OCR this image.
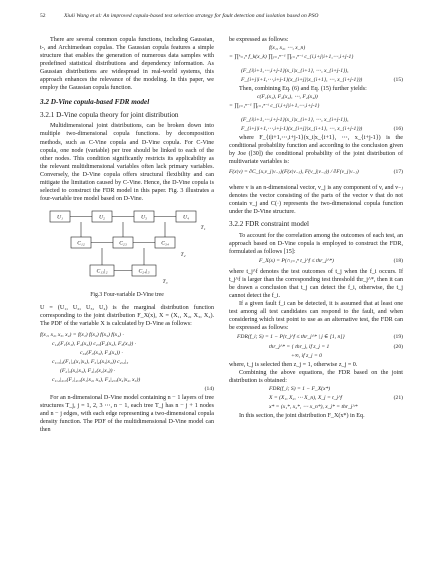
52	Xiuli Wang et al: An improved copula-based test selection strategy for fault detection and isolation based on PSO

There are several common copula functions, including Gaussian, t-, and Archimedean copulas. The Gaussian copula features a simple structure that enables the generation of numerous data samples with predefined statistical distributions and dependency information. As Gaussian distributions are widespread in real-world systems, this approach enhances the relevance of the modeling. In this paper, we employ the Gaussian copula function.

3.2 D-Vine copula-based FDR model
3.2.1 D-Vine copula theory for joint distribution

Multidimensional joint distributions, can be broken down into multiple two-dimensional copula functions. by decomposition methods, such as C-Vine copula and D-Vine copula. For C-Vine copula, one node (variable) per tree should be linked to each of the other nodes. This condition significantly restricts its applicability as the relevant multidimensional variables often lack primary variables. Conversely, the D-Vine copula offers structural flexibility and can mitigate the limitation caused by C-Vine. Hence, the D-Vine copula is selected to construct the FDR model in this paper. Fig. 3 illustrates a four-variable tree model based on D-Vine.

U₁	U₂	U₃	U₄
C₁₂	C₂₃	C₃₄
C₁₃|₂	C₂₄|₃
T₁
T₂
T₃
Fig.3 Four-variable D-Vine tree

U = (U₁, U₂, U₃, U₄) is the marginal distribution function corresponding to the joint distribution F_X(x), X = (X₁, X₂, X₃, X₄). The PDF of the variable X is calculated by D-Vine as follows:

f(x₁, x₂, x₃, x₄) = f(x₁) f(x₂) f(x₃) f(x₄) ·
c₁₂(F₁(x₁), F₂(x₂)) c₂₃(F₂(x₂), F₃(x₃)) ·
c₃₄(F₃(x₃), F₄(x₄)) ·
c₁,₃|₂(F₁|₂(x₁|x₂), F₃|₂(x₃|x₂)) c₂,₄|₃
(F₂|₃(x₂|x₃), F₄|₃(x₄|x₃)) ·
c₁,₄|₂,₃(F₁|₂,₃(x₁|x₂, x₃), F₄|₂,₃(x₄|x₂, x₃))
(14)

For an n-dimensional D-Vine model containing n − 1 layers of tree structures T_j, j = 1, 2, 3 ⋯, n − 1, each tree T_j has n − j + 1 nodes and n − j edges, with each edge representing a two-dimensional copula density function. The PDF of the multidimensional D-Vine model can then

be expressed as follows:

f(x₁, x₂, ⋯, x_n)
= ∏ᵏ₌₁ⁿ f_k(x_k) ∏ⱼ₌₁ⁿ⁻¹ ∏ᵢ₌₁ⁿ⁻ʲ c_{i,i+j|i+1,⋯,i+j-1}
(F_{i|i+1,⋯,i+j-1}(x_i|x_{i+1}, ⋯, x_{i+j-1}),
F_{i+j|i+1,⋯,i+j-1}(x_{i+j}|x_{i+1}, ⋯, x_{i+j-1}))	(15)

Then, combining Eq. (6) and Eq. (15) further yields:

c(F₁(x₁), F₂(x₂), ⋯, F₄(x₄))
= ∏ⱼ₌₁ⁿ⁻¹ ∏ᵢ₌₁ⁿ⁻ʲ c_{i,i+j|i+1,⋯,i+j-1}
(F_{i|i+1,⋯,i+j-1}(x_i|x_{i+1}, ⋯, x_{i+j-1}),
F_{i+j|i+1,⋯,i+j-1}(x_{i+j}|x_{i+1}, ⋯, x_{i+j-1}))	(16)

where F_{i|i+1,⋯,i+j-1}(x_i|x_{i+1}, ⋯, x_{i+j-1}) is the conditional probability function and according to the conclusion given by Joe ([30]) the conditional probability of the joint distribution of multivariate variables is:

F(x|v) = ∂C_{x,v_j|v₋ⱼ}(F(x|v₋ⱼ), F(v_j|v₋ⱼ)) / ∂F(v_j|v₋ⱼ)	(17)

where v is an n-dimensional vector, v_j is any component of v, and v₋ⱼ denotes the vector consisting of the parts of the vector v that do not contain v_j and C(·) represents the two-dimensional copula function under the D-Vine structure.

3.2.2 FDR constraint model

To account for the correlation among the outcomes of each test, an approach based on D-Vine copula is employed to construct the FDR, formulated as follows [15]:

F_X(x) = P(∩ⱼ₌₁ⁿ t_j^f ≤ thr_j^*)	(18)

where t_j^f denotes the test outcomes of t_j when the f_i occurs. If t_j^f is larger than the corresponding test threshold thr_j^*, then it can be drawn a conclusion that t_j can detect the f_i, otherwise, the t_j cannot detect the f_i.

If a given fault f_i can be detected, it is assumed that at least one test among all test candidates can respond to the fault, and when considering which test point to use as an alternative test, the FDR can be expressed as follows:

FDR(f_i; S) = 1 − P{t_j^f ≤ thr_j^* | j ∈ [1, n]}	(19)
thr_j^* = { thr_j, if z_j = 1	(20)
+∞, if z_j = 0

where, t_j is selected then z_j = 1, otherwise z_j = 0.

Combining the above equations, the FDR based on the joint distribution is obtained:

FDR(f_i; S) = 1 − F_X(x*)
X = (X₁, X₂, ⋯ X_n), X_j = t_j^f	(21)
x* = (x₁*, x₂*, ⋯ x_n*), x_j* = thr_j^*

In this section, the joint distribution F_X(x*) in Eq.
